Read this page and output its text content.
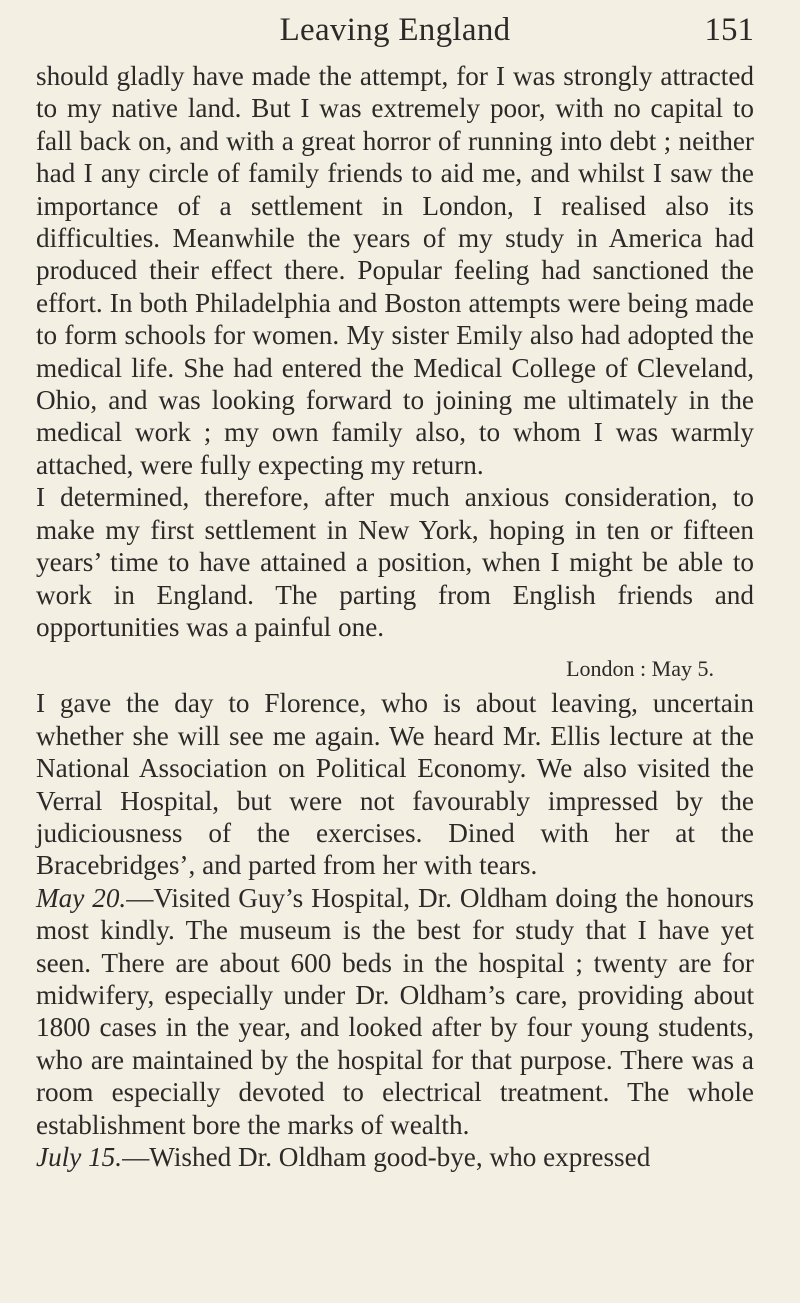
Leaving England	151

should gladly have made the attempt, for I was strongly attracted to my native land. But I was extremely poor, with no capital to fall back on, and with a great horror of running into debt ; neither had I any circle of family friends to aid me, and whilst I saw the importance of a settlement in London, I realised also its difficulties. Meanwhile the years of my study in America had produced their effect there. Popular feeling had sanctioned the effort. In both Philadelphia and Boston attempts were being made to form schools for women. My sister Emily also had adopted the medical life. She had entered the Medical College of Cleveland, Ohio, and was looking forward to joining me ultimately in the medical work ; my own family also, to whom I was warmly attached, were fully expecting my return.

I determined, therefore, after much anxious consideration, to make my first settlement in New York, hoping in ten or fifteen years’ time to have attained a position, when I might be able to work in England. The parting from English friends and opportunities was a painful one.

London : May 5.

I gave the day to Florence, who is about leaving, uncertain whether she will see me again. We heard Mr. Ellis lecture at the National Association on Political Economy. We also visited the Verral Hospital, but were not favourably impressed by the judiciousness of the exercises. Dined with her at the Bracebridges’, and parted from her with tears.

May 20.—Visited Guy’s Hospital, Dr. Oldham doing the honours most kindly. The museum is the best for study that I have yet seen. There are about 600 beds in the hospital ; twenty are for midwifery, especially under Dr. Oldham’s care, providing about 1800 cases in the year, and looked after by four young students, who are maintained by the hospital for that purpose. There was a room especially devoted to electrical treatment. The whole establishment bore the marks of wealth.

July 15.—Wished Dr. Oldham good-bye, who expressed
